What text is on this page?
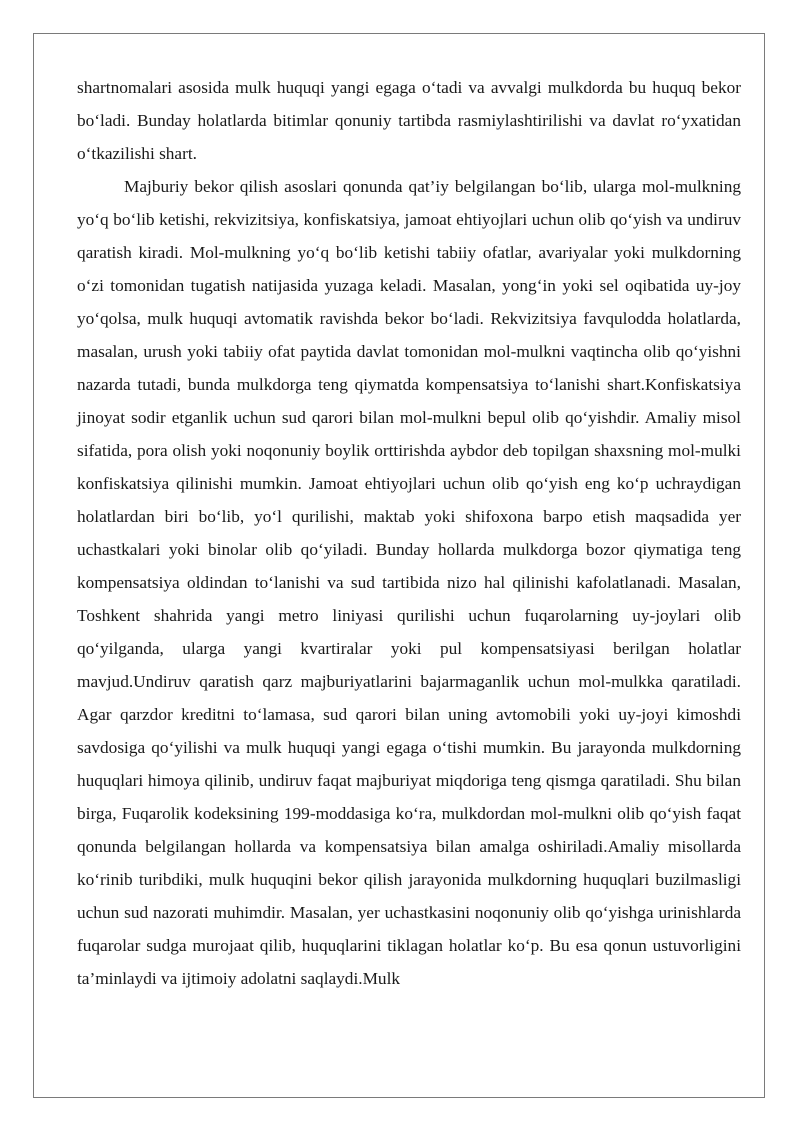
shartnomalari asosida mulk huquqi yangi egaga o‘tadi va avvalgi mulkdorda bu huquq bekor bo‘ladi. Bunday holatlarda bitimlar qonuniy tartibda rasmiylashtirilishi va davlat ro‘yxatidan o‘tkazilishi shart.

Majburiy bekor qilish asoslari qonunda qat’iy belgilangan bo‘lib, ularga mol-mulkning yo‘q bo‘lib ketishi, rekvizitsiya, konfiskatsiya, jamoat ehtiyojlari uchun olib qo‘yish va undiruv qaratish kiradi. Mol-mulkning yo‘q bo‘lib ketishi tabiiy ofatlar, avariyalar yoki mulkdorning o‘zi tomonidan tugatish natijasida yuzaga keladi. Masalan, yong‘in yoki sel oqibatida uy-joy yo‘qolsa, mulk huquqi avtomatik ravishda bekor bo‘ladi. Rekvizitsiya favqulodda holatlarda, masalan, urush yoki tabiiy ofat paytida davlat tomonidan mol-mulkni vaqtincha olib qo‘yishni nazarda tutadi, bunda mulkdorga teng qiymatda kompensatsiya to‘lanishi shart.Konfiskatsiya jinoyat sodir etganlik uchun sud qarori bilan mol-mulkni bepul olib qo‘yishdir. Amaliy misol sifatida, pora olish yoki noqonuniy boylik orttirishda aybdor deb topilgan shaxsning mol-mulki konfiskatsiya qilinishi mumkin. Jamoat ehtiyojlari uchun olib qo‘yish eng ko‘p uchraydigan holatlardan biri bo‘lib, yo‘l qurilishi, maktab yoki shifoxona barpo etish maqsadida yer uchastkalari yoki binolar olib qo‘yiladi. Bunday hollarda mulkdorga bozor qiymatiga teng kompensatsiya oldindan to‘lanishi va sud tartibida nizo hal qilinishi kafolatlanadi. Masalan, Toshkent shahrida yangi metro liniyasi qurilishi uchun fuqarolarning uy-joylari olib qo‘yilganda, ularga yangi kvartiralar yoki pul kompensatsiyasi berilgan holatlar mavjud.Undiruv qaratish qarz majburiyatlarini bajarmaganlik uchun mol-mulkka qaratiladi. Agar qarzdor kreditni to‘lamasa, sud qarori bilan uning avtomobili yoki uy-joyi kimoshdi savdosiga qo‘yilishi va mulk huquqi yangi egaga o‘tishi mumkin. Bu jarayonda mulkdorning huquqlari himoya qilinib, undiruv faqat majburiyat miqdoriga teng qismga qaratiladi. Shu bilan birga, Fuqarolik kodeksining 199-moddasiga ko‘ra, mulkdordan mol-mulkni olib qo‘yish faqat qonunda belgilangan hollarda va kompensatsiya bilan amalga oshiriladi.Amaliy misollarda ko‘rinib turibdiki, mulk huquqini bekor qilish jarayonida mulkdorning huquqlari buzilmasligi uchun sud nazorati muhimdir. Masalan, yer uchastkasini noqonuniy olib qo‘yishga urinishlarda fuqarolar sudga murojaat qilib, huquqlarini tiklagan holatlar ko‘p. Bu esa qonun ustuvorligini ta’minlaydi va ijtimoiy adolatni saqlaydi.Mulk
